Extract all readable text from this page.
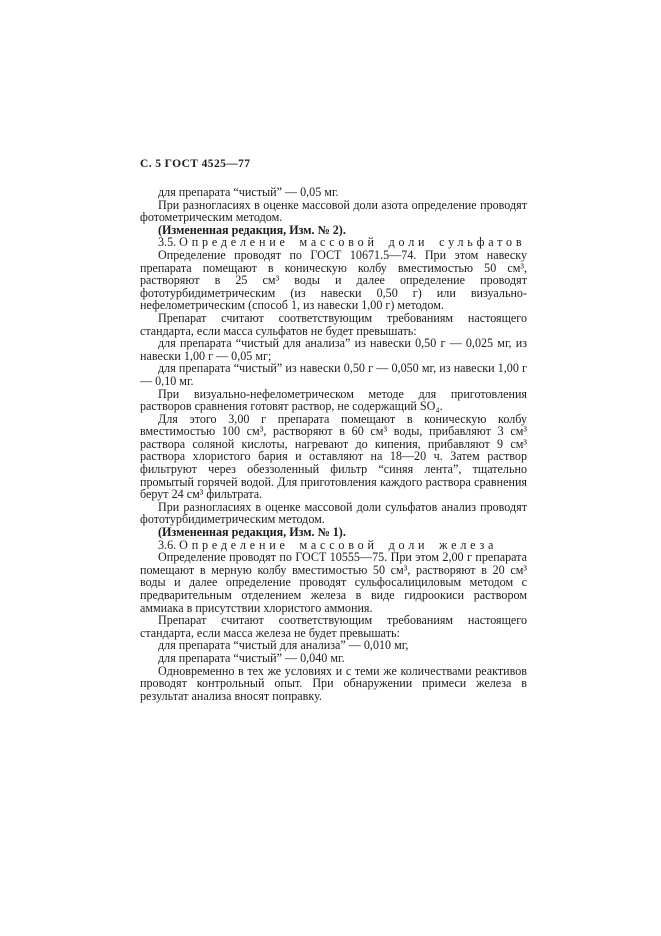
С. 5 ГОСТ 4525—77

для препарата “чистый” — 0,05 мг.

При разногласиях в оценке массовой доли азота определение проводят фотометрическим методом.

(Измененная редакция, Изм. № 2).

3.5. Определение массовой доли сульфатов

Определение проводят по ГОСТ 10671.5—74. При этом навеску препарата помещают в коническую колбу вместимостью 50 см³, растворяют в 25 см³ воды и далее определение проводят фототурбидиметрическим (из навески 0,50 г) или визуально-нефелометрическим (способ 1, из навески 1,00 г) методом.

Препарат считают соответствующим требованиям настоящего стандарта, если масса сульфатов не будет превышать:

для препарата “чистый для анализа” из навески 0,50 г — 0,025 мг, из навески 1,00 г — 0,05 мг;

для препарата “чистый” из навески 0,50 г — 0,050 мг, из навески 1,00 г — 0,10 мг.

При визуально-нефелометрическом методе для приготовления растворов сравнения готовят раствор, не содержащий SO₄.

Для этого 3,00 г препарата помещают в коническую колбу вместимостью 100 см³, растворяют в 60 см³ воды, прибавляют 3 см³ раствора соляной кислоты, нагревают до кипения, прибавляют 9 см³ раствора хлористого бария и оставляют на 18—20 ч. Затем раствор фильтруют через обеззоленный фильтр “синяя лента”, тщательно промытый горячей водой. Для приготовления каждого раствора сравнения берут 24 см³ фильтрата.

При разногласиях в оценке массовой доли сульфатов анализ проводят фототурбидиметрическим методом.

(Измененная редакция, Изм. № 1).

3.6. Определение массовой доли железа

Определение проводят по ГОСТ 10555—75. При этом 2,00 г препарата помещают в мерную колбу вместимостью 50 см³, растворяют в 20 см³ воды и далее определение проводят сульфосалициловым методом с предварительным отделением железа в виде гидроокиси раствором аммиака в присутствии хлористого аммония.

Препарат считают соответствующим требованиям настоящего стандарта, если масса железа не будет превышать:

для препарата “чистый для анализа” — 0,010 мг,

для препарата “чистый” — 0,040 мг.

Одновременно в тех же условиях и с теми же количествами реактивов проводят контрольный опыт. При обнаружении примеси железа в результат анализа вносят поправку.
